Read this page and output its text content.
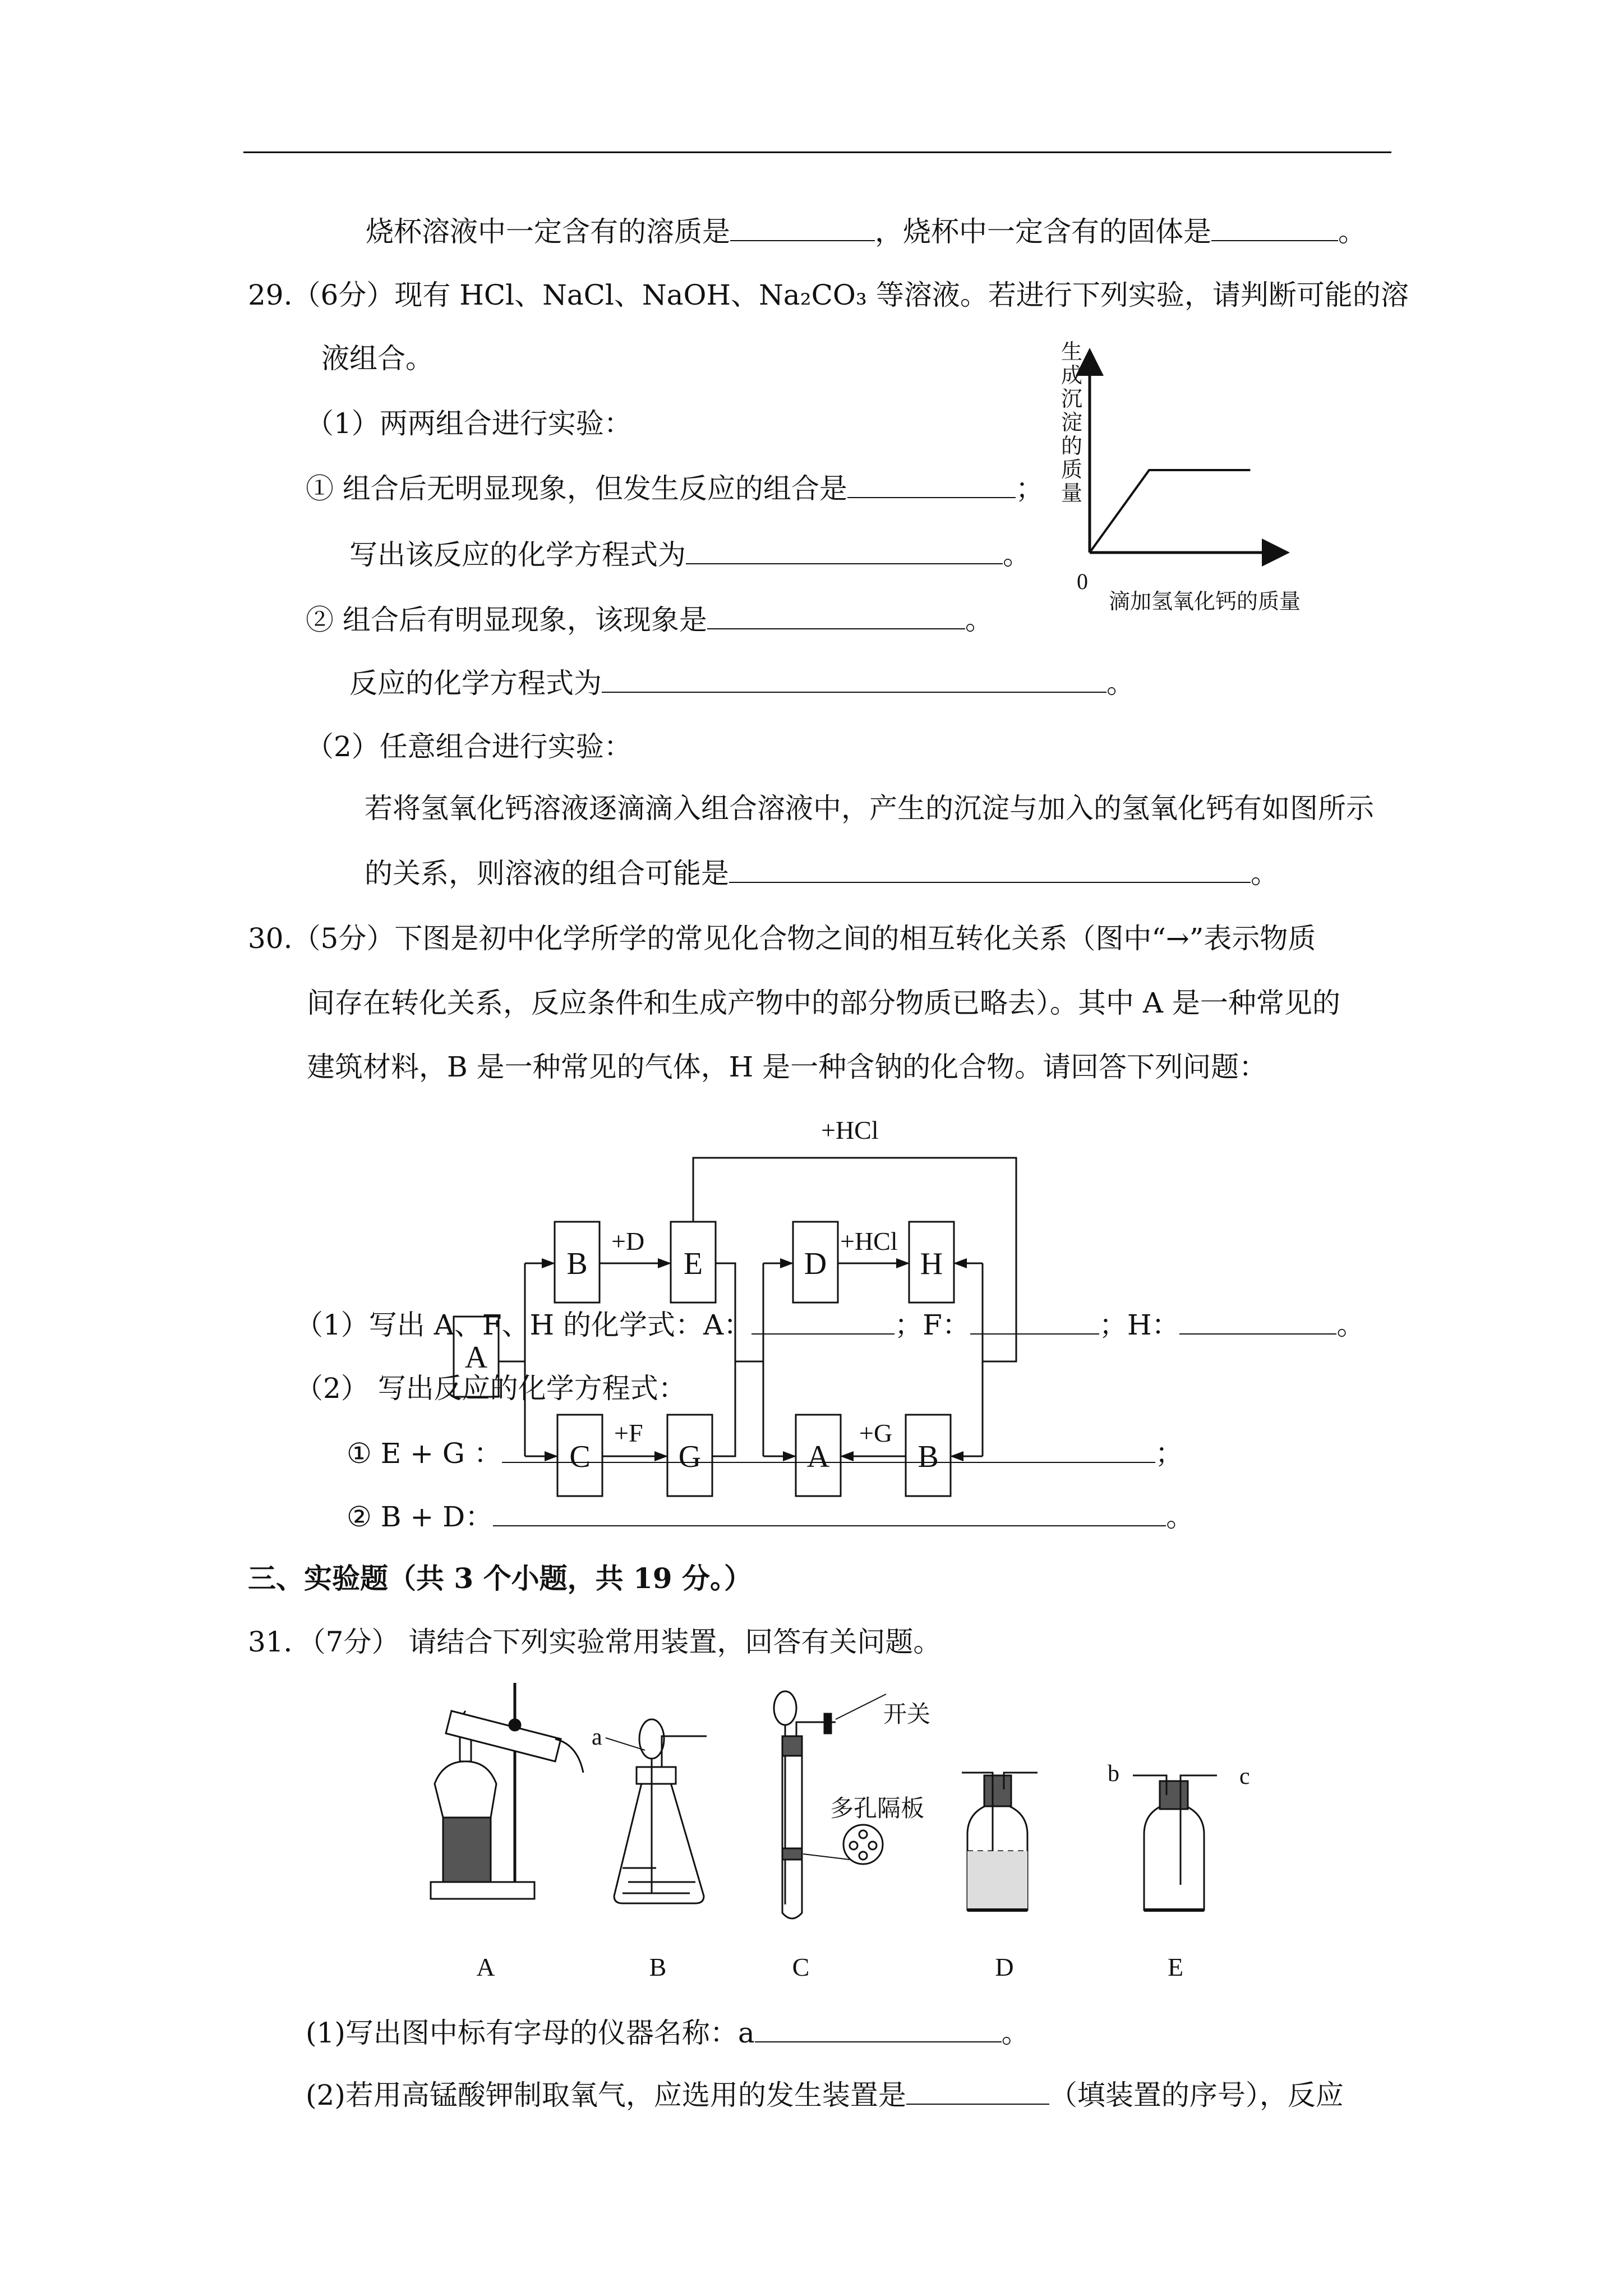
烧杯溶液中一定含有的溶质是	，烧杯中一定含有的固体是	。
29.（6分）现有 HCl、NaCl、NaOH、Na₂CO₃ 等溶液。若进行下列实验，请判断可能的溶
液组合。
（1）两两组合进行实验：
① 组合后无明显现象，但发生反应的组合是	；
写出该反应的化学方程式为	。
② 组合后有明显现象，该现象是	。
反应的化学方程式为	。
（2）任意组合进行实验：
若将氢氧化钙溶液逐滴滴入组合溶液中，产生的沉淀与加入的氢氧化钙有如图所示
的关系，则溶液的组合可能是	。
30.（5分）下图是初中化学所学的常见化合物之间的相互转化关系（图中“→”表示物质
间存在转化关系，反应条件和生成产物中的部分物质已略去）。其中 A 是一种常见的
建筑材料，B 是一种常见的气体，H 是一种含钠的化合物。请回答下列问题：
（1）写出 A、F、H 的化学式：A：	；F：	；H：	。
（2） 写出反应的化学方程式：
① E + G ：	；
② B + D：	。
三、实验题（共 3 个小题，共 19 分。）
31．（7分） 请结合下列实验常用装置，回答有关问题。
(1)写出图中标有字母的仪器名称：a	。
(2)若用高锰酸钾制取氧气，应选用的发生装置是	（填装置的序号），反应
生成沉淀的质量
0
滴加氢氧化钙的质量
A
B	E
C	G
D	H
A	B
+D
+F
+HCl
+HCl
+G
a
开关
多孔隔板
b	c
A	B	C	D	E
